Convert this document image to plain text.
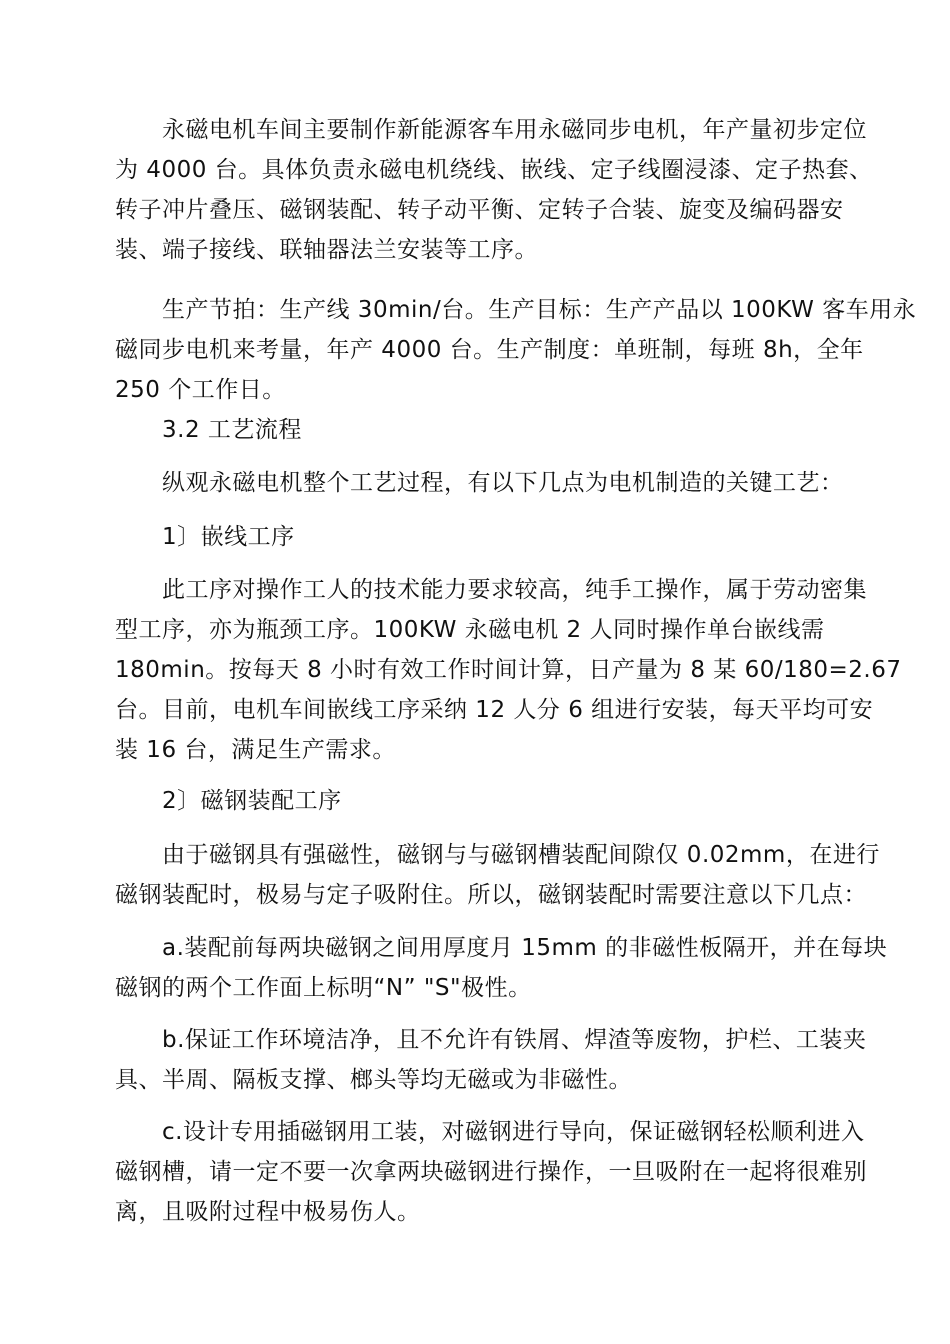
永磁电机车间主要制作新能源客车用永磁同步电机，年产量初步定位
为 4000 台。具体负责永磁电机绕线、嵌线、定子线圈浸漆、定子热套、
转子冲片叠压、磁钢装配、转子动平衡、定转子合装、旋变及编码器安
装、端子接线、联轴器法兰安装等工序。

生产节拍：生产线 30min/台。生产目标：生产产品以 100KW 客车用永
磁同步电机来考量，年产 4000 台。生产制度：单班制，每班 8h，全年
250 个工作日。

3.2 工艺流程

纵观永磁电机整个工艺过程，有以下几点为电机制造的关键工艺：

1〕嵌线工序

此工序对操作工人的技术能力要求较高，纯手工操作，属于劳动密集
型工序，亦为瓶颈工序。100KW 永磁电机 2 人同时操作单台嵌线需
180min。按每天 8 小时有效工作时间计算，日产量为 8 某 60/180=2.67
台。目前，电机车间嵌线工序采纳 12 人分 6 组进行安装，每天平均可安
装 16 台，满足生产需求。

2〕磁钢装配工序

由于磁钢具有强磁性，磁钢与与磁钢槽装配间隙仅 0.02mm，在进行
磁钢装配时，极易与定子吸附住。所以，磁钢装配时需要注意以下几点：

a.装配前每两块磁钢之间用厚度月 15mm 的非磁性板隔开，并在每块
磁钢的两个工作面上标明“N” "S"极性。

b.保证工作环境洁净，且不允许有铁屑、焊渣等废物，护栏、工装夹
具、半周、隔板支撑、榔头等均无磁或为非磁性。

c.设计专用插磁钢用工装，对磁钢进行导向，保证磁钢轻松顺利进入
磁钢槽，请一定不要一次拿两块磁钢进行操作，一旦吸附在一起将很难别
离，且吸附过程中极易伤人。
